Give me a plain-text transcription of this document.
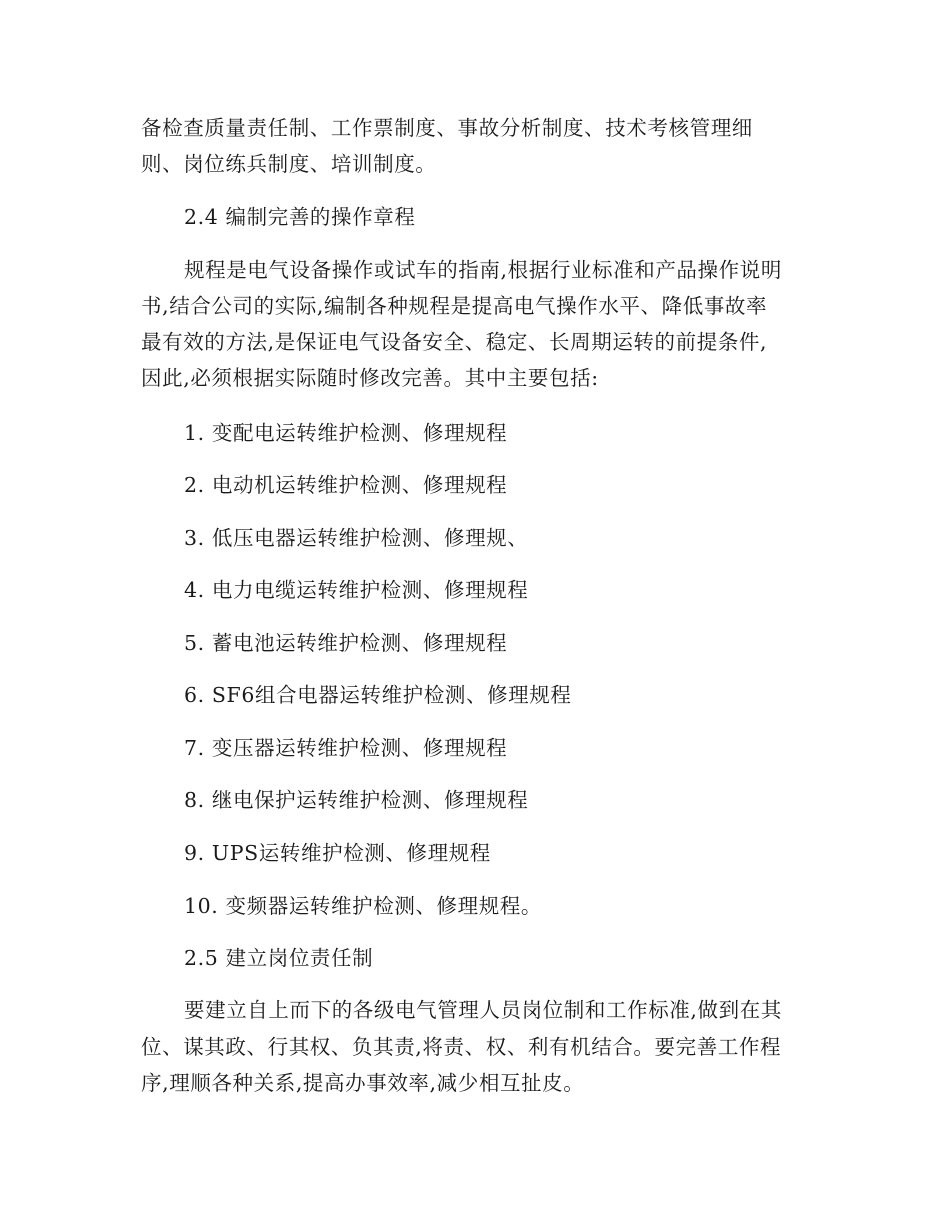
备检查质量责任制、工作票制度、事故分析制度、技术考核管理细
则、岗位练兵制度、培训制度。
2.4 编制完善的操作章程
规程是电气设备操作或试车的指南,根据行业标准和产品操作说明
书,结合公司的实际,编制各种规程是提高电气操作水平、降低事故率
最有效的方法,是保证电气设备安全、稳定、长周期运转的前提条件,
因此,必须根据实际随时修改完善。其中主要包括:
1. 变配电运转维护检测、修理规程
2. 电动机运转维护检测、修理规程
3. 低压电器运转维护检测、修理规、
4. 电力电缆运转维护检测、修理规程
5. 蓄电池运转维护检测、修理规程
6. SF6组合电器运转维护检测、修理规程
7. 变压器运转维护检测、修理规程
8. 继电保护运转维护检测、修理规程
9. UPS运转维护检测、修理规程
10. 变频器运转维护检测、修理规程。
2.5 建立岗位责任制
要建立自上而下的各级电气管理人员岗位制和工作标准,做到在其
位、谋其政、行其权、负其责,将责、权、利有机结合。要完善工作程
序,理顺各种关系,提高办事效率,减少相互扯皮。
